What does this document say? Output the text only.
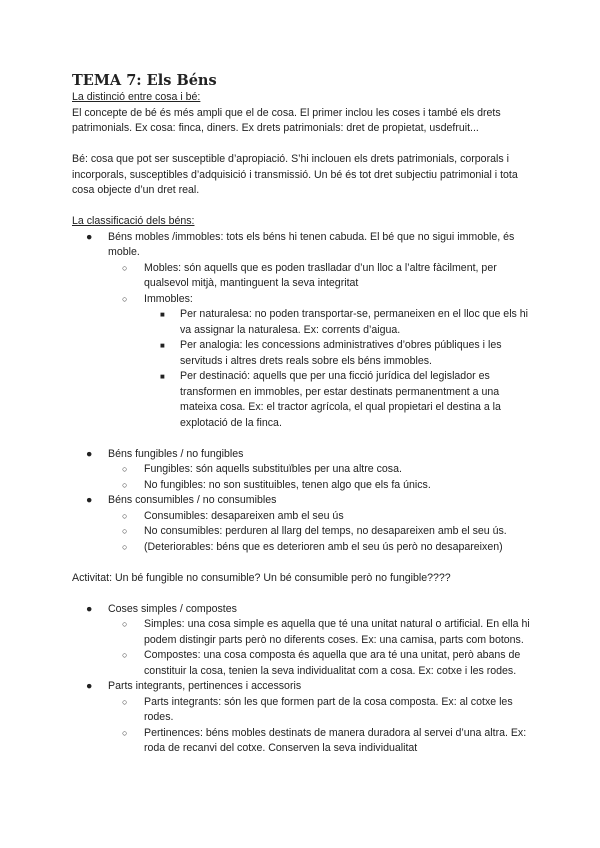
TEMA 7: Els Béns

La distinció entre cosa i bé:

El concepte de bé és més ampli que el de cosa. El primer inclou les coses i també els drets patrimonials. Ex cosa: finca, diners. Ex drets patrimonials: dret de propietat, usdefruit...

Bé: cosa que pot ser susceptible d’apropiació. S’hi inclouen els drets patrimonials, corporals i incorporals, susceptibles d’adquisició i transmissió. Un bé és tot dret subjectiu patrimonial i tota cosa objecte d’un dret real.

La classificació dels béns:

● Béns mobles /immobles: tots els béns hi tenen cabuda. El bé que no sigui immoble, és moble.
○ Mobles: són aquells que es poden traslladar d’un lloc a l’altre fàcilment, per qualsevol mitjà, mantinguent la seva integritat
○ Immobles:
■ Per naturalesa: no poden transportar-se, permaneixen en el lloc que els hi va assignar la naturalesa. Ex: corrents d’aigua.
■ Per analogia: les concessions administratives d’obres públiques i les servituds i altres drets reals sobre els béns immobles.
■ Per destinació: aquells que per una ficció jurídica del legislador es transformen en immobles, per estar destinats permanentment a una mateixa cosa. Ex: el tractor agrícola, el qual propietari el destina a la explotació de la finca.
● Béns fungibles / no fungibles
○ Fungibles: són aquells substituïbles per una altre cosa.
○ No fungibles: no son sustituibles, tenen algo que els fa únics.
● Béns consumibles / no consumibles
○ Consumibles: desapareixen amb el seu ús
○ No consumibles: perduren al llarg del temps, no desapareixen amb el seu ús.
○ (Deteriorables: béns que es deterioren amb el seu ús però no desapareixen)

Activitat: Un bé fungible no consumible? Un bé consumible però no fungible????

● Coses simples / compostes
○ Simples: una cosa simple es aquella que té una unitat natural o artificial. En ella hi podem distingir parts però no diferents coses. Ex: una camisa, parts com botons.
○ Compostes: una cosa composta és aquella que ara té una unitat, però abans de constituir la cosa, tenien la seva individualitat com a cosa. Ex: cotxe i les rodes.
● Parts integrants, pertinences i accessoris
○ Parts integrants: són les que formen part de la cosa composta. Ex: al cotxe les rodes.
○ Pertinences: béns mobles destinats de manera duradora al servei d’una altra. Ex: roda de recanvi del cotxe. Conserven la seva individualitat
